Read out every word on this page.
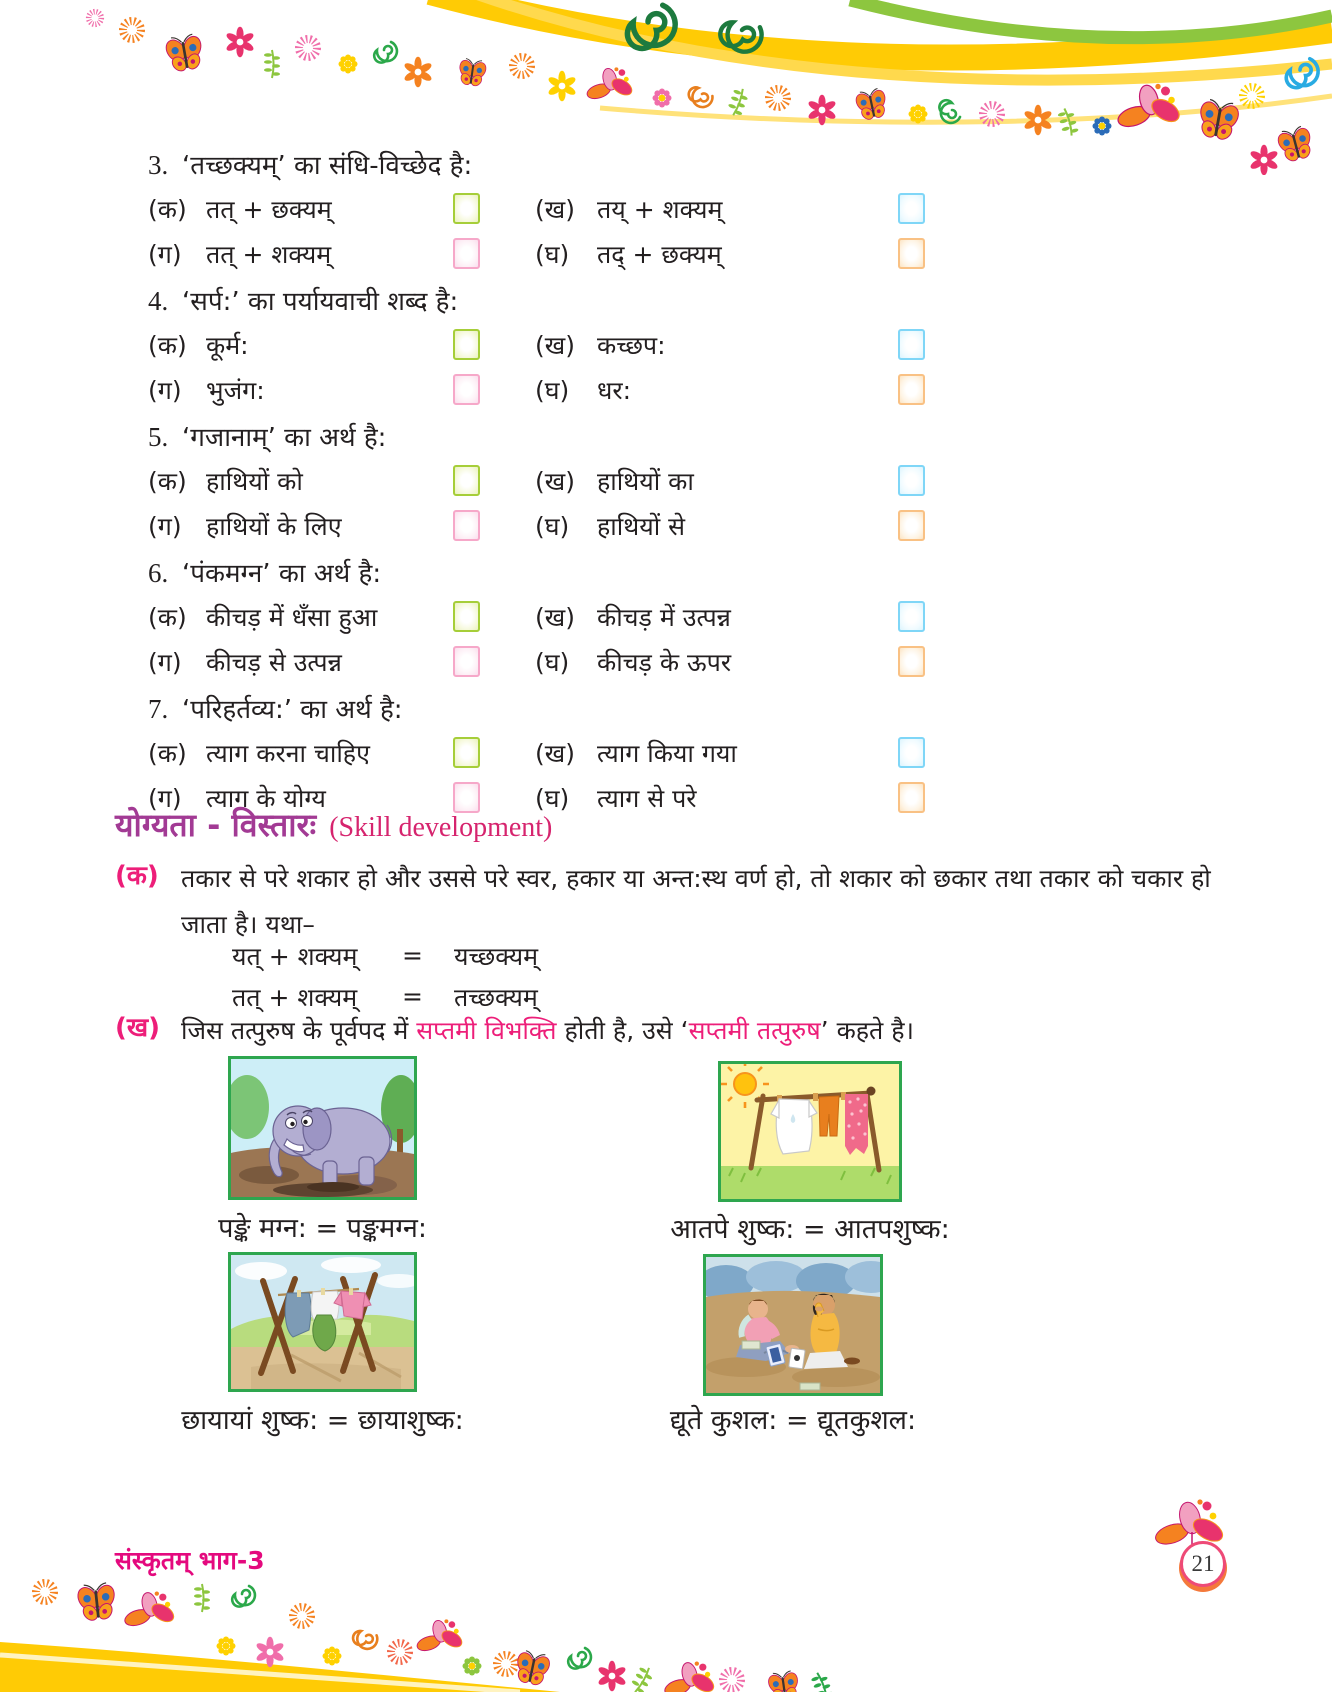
3. ‘तच्छक्यम्’ का संधि-विच्छेद है:
(क) तत् + छक्यम्	(ख) तय् + शक्यम्
(ग) तत् + शक्यम्	(घ)	तद् + छक्यम्
4. ‘सर्प:’ का पर्यायवाची शब्द है:
(क) कूर्म:	(ख) कच्छप:
(ग) भुजंग:	(घ)	धर:
5. ‘गजानाम्’ का अर्थ है:
(क) हाथियों को	(ख) हाथियों का
(ग) हाथियों के लिए	(घ)	हाथियों से
6. ‘पंकमग्न’ का अर्थ है:
(क) कीचड़ में धँसा हुआ	(ख) कीचड़ में उत्पन्न
(ग) कीचड़ से उत्पन्न	(घ)	कीचड़ के ऊपर
7. ‘परिहर्तव्य:’ का अर्थ है:
(क) त्याग करना चाहिए	(ख) त्याग किया गया
(ग) त्याग के योग्य	(घ)	त्याग से परे
योग्यता - विस्तारः (Skill development)
(क) तकार से परे शकार हो और उससे परे स्वर, हकार या अन्त:स्थ वर्ण हो, तो शकार को छकार तथा तकार को चकार हो जाता है। यथा–
यत् + शक्यम्	=	यच्छक्यम्
तत् + शक्यम्	=	तच्छक्यम्
(ख) जिस तत्पुरुष के पूर्वपद में सप्तमी विभक्ति होती है, उसे ‘सप्तमी तत्पुरुष’ कहते है।
पङ्के मग्न: = पङ्कमग्न:	आतपे शुष्क: = आतपशुष्क:
छायायां शुष्क: = छायाशुष्क:	द्यूते कुशल: = द्यूतकुशल:
संस्कृतम् भाग-3	21
